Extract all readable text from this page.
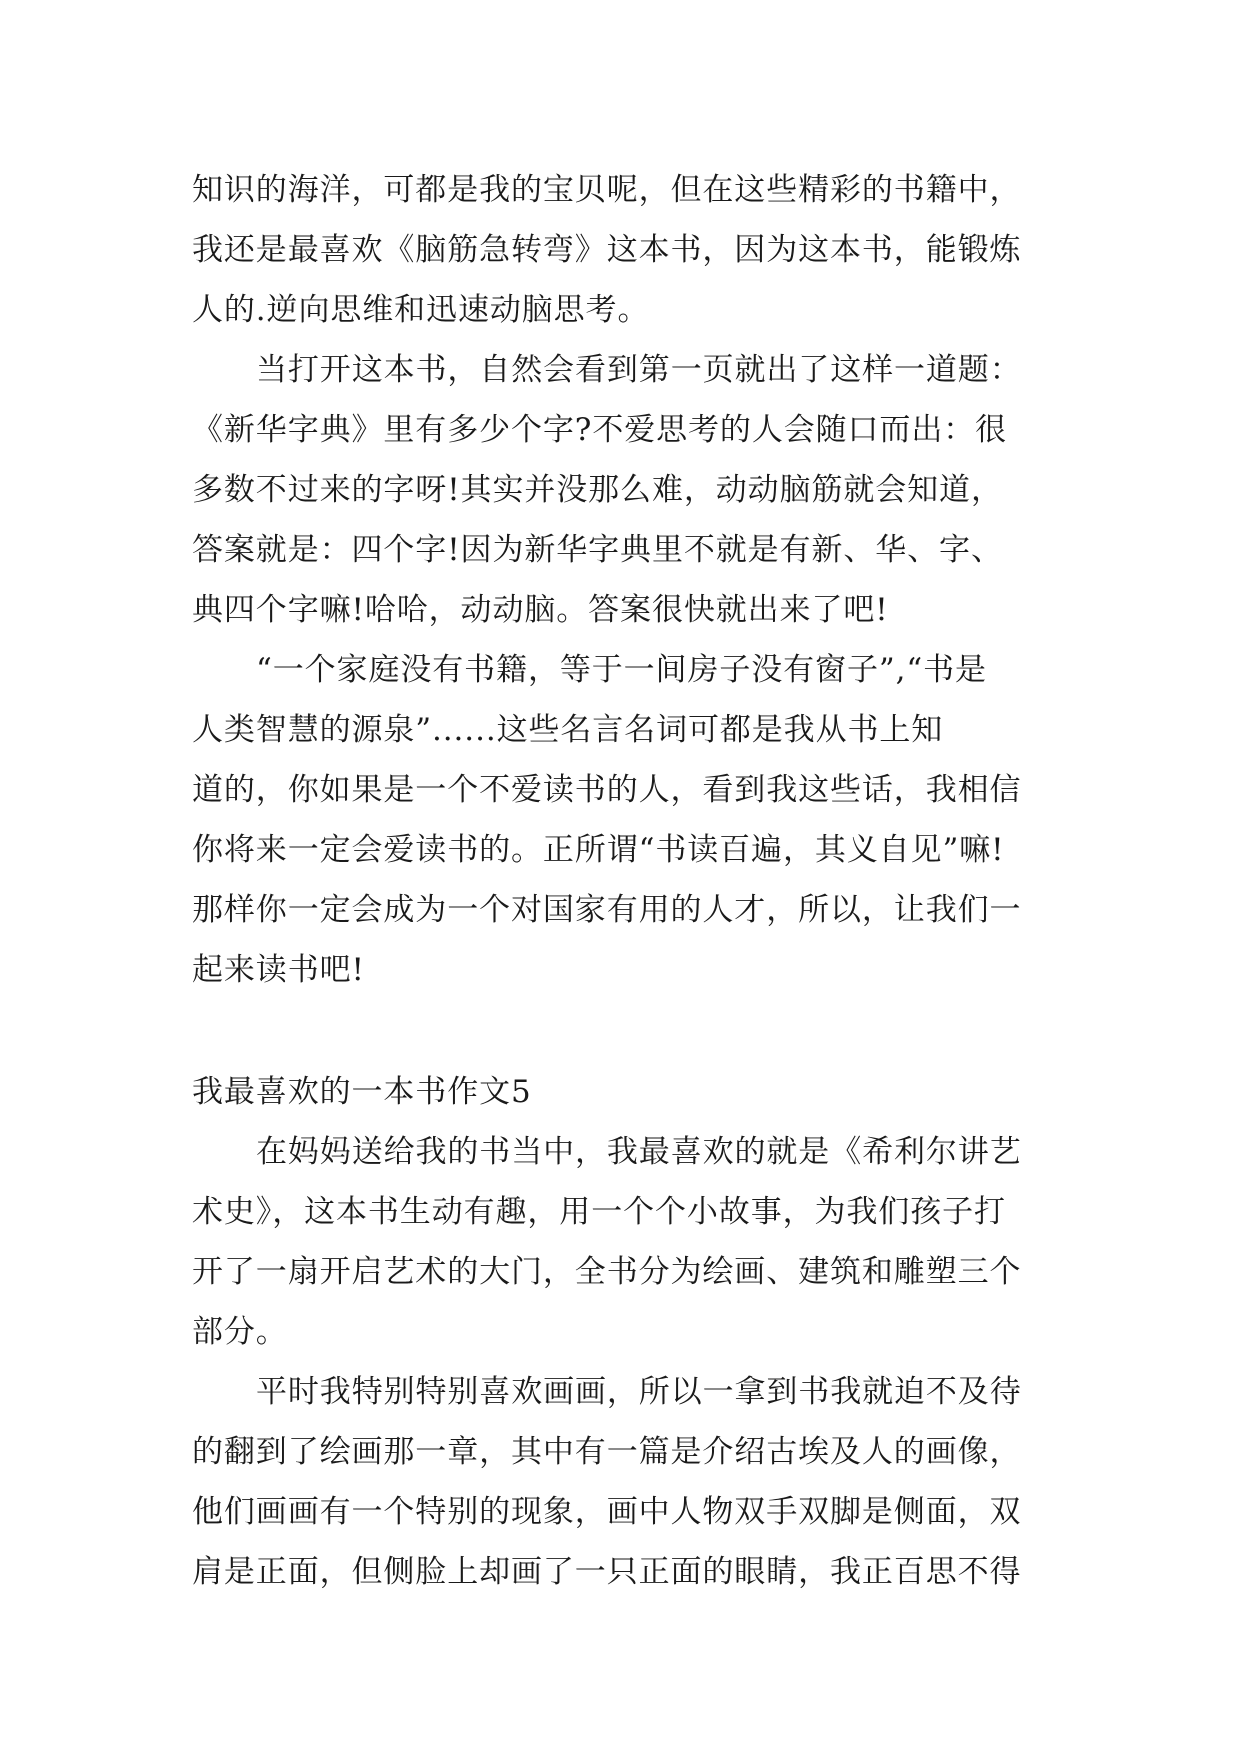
知识的海洋，可都是我的宝贝呢，但在这些精彩的书籍中，
我还是最喜欢《脑筋急转弯》这本书，因为这本书，能锻炼
人的.逆向思维和迅速动脑思考。
当打开这本书，自然会看到第一页就出了这样一道题：
《新华字典》里有多少个字?不爱思考的人会随口而出：很
多数不过来的字呀!其实并没那么难，动动脑筋就会知道，
答案就是：四个字!因为新华字典里不就是有新、华、字、
典四个字嘛!哈哈，动动脑。答案很快就出来了吧!
“一个家庭没有书籍，等于一间房子没有窗子”,“书是
人类智慧的源泉”......这些名言名词可都是我从书上知
道的，你如果是一个不爱读书的人，看到我这些话，我相信
你将来一定会爱读书的。正所谓“书读百遍，其义自见”嘛!
那样你一定会成为一个对国家有用的人才，所以，让我们一
起来读书吧!
我最喜欢的一本书作文5
在妈妈送给我的书当中，我最喜欢的就是《希利尔讲艺
术史》，这本书生动有趣，用一个个小故事，为我们孩子打
开了一扇开启艺术的大门，全书分为绘画、建筑和雕塑三个
部分。
平时我特别特别喜欢画画，所以一拿到书我就迫不及待
的翻到了绘画那一章，其中有一篇是介绍古埃及人的画像，
他们画画有一个特别的现象，画中人物双手双脚是侧面，双
肩是正面，但侧脸上却画了一只正面的眼睛，我正百思不得
